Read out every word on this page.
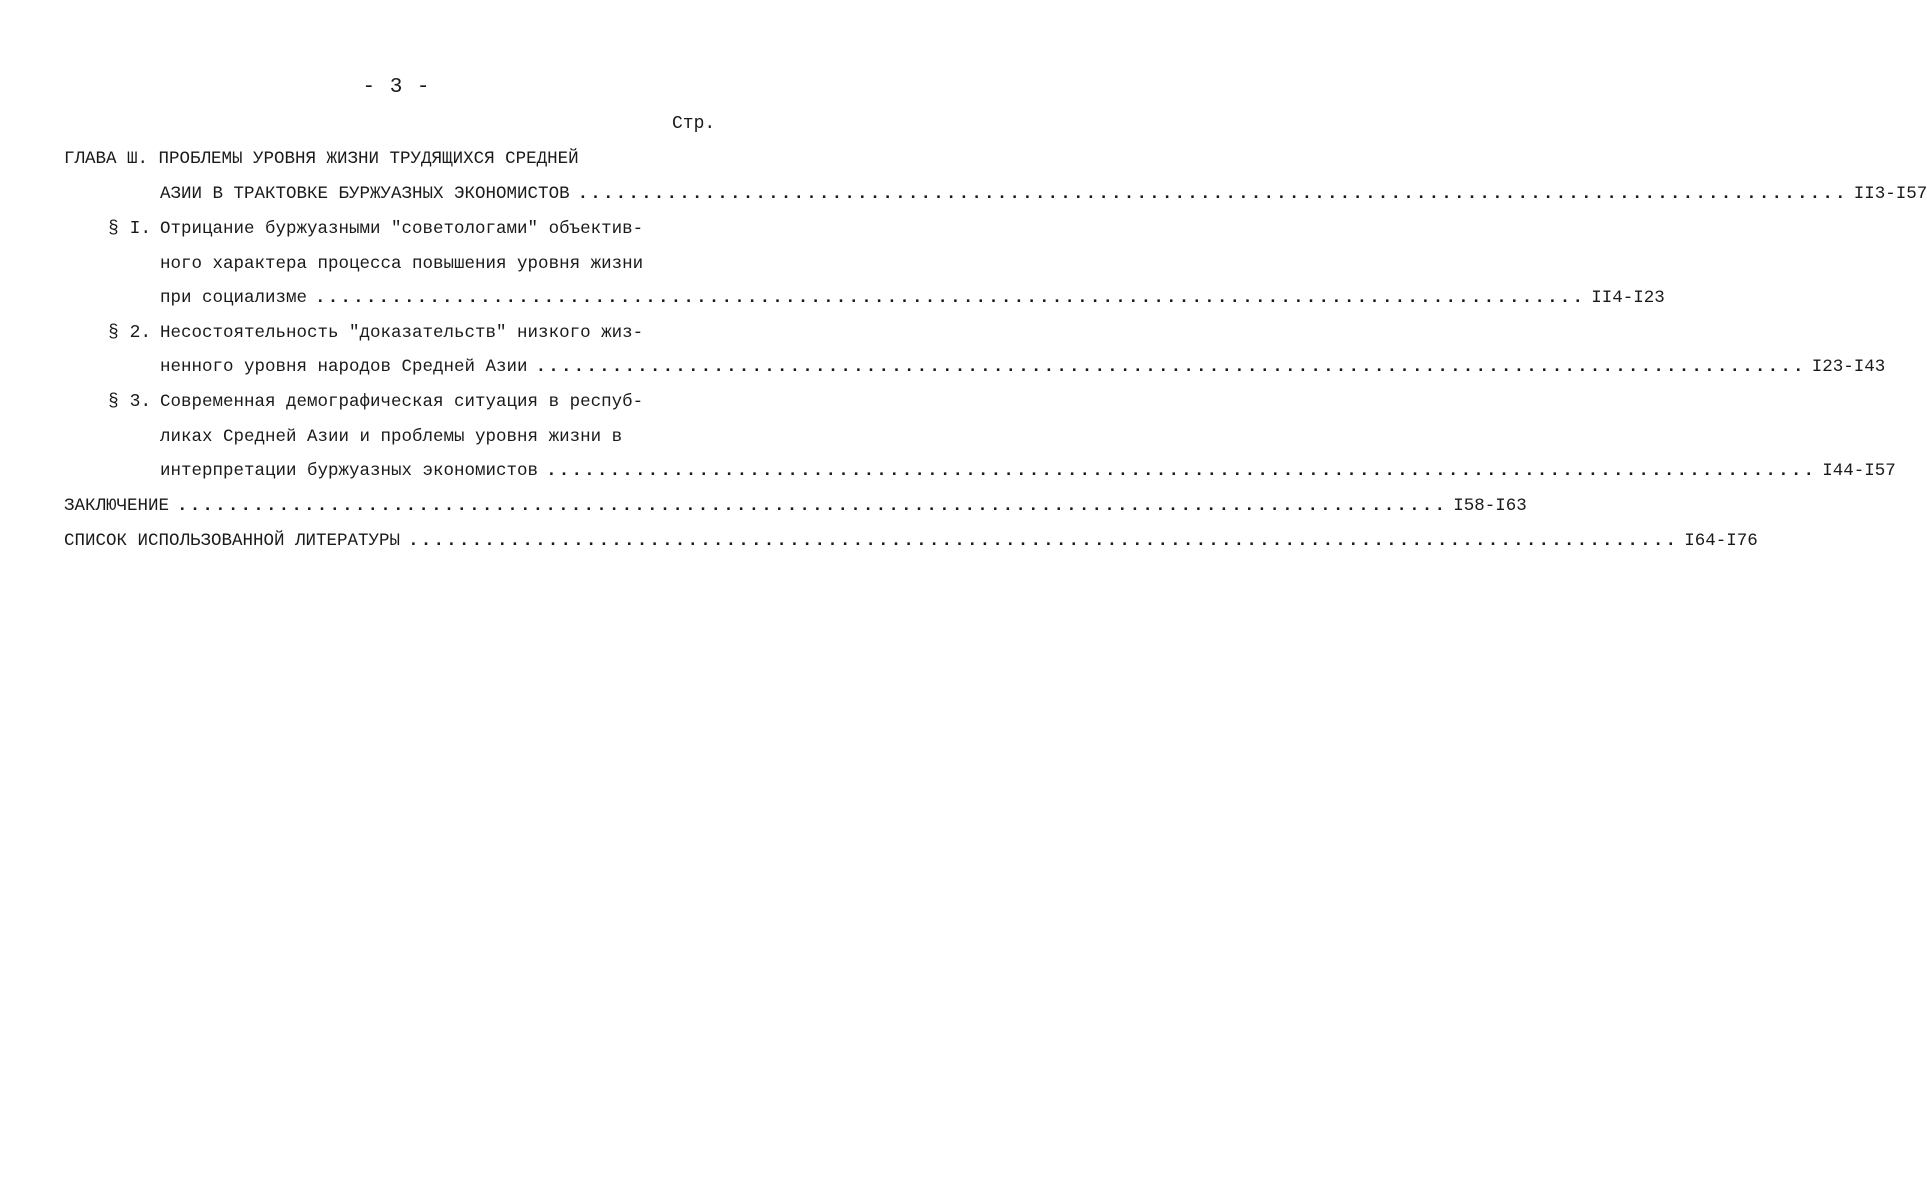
- 3 -
Стр.
ГЛАВА Ш. ПРОБЛЕМЫ УРОВНЯ ЖИЗНИ ТРУДЯЩИХСЯ СРЕДНЕЙ
АЗИИ В ТРАКТОВКЕ БУРЖУАЗНЫХ ЭКОНОМИСТОВ .................................................................................................... II3-I57
§ I. Отрицание буржуазными "советологами" объектив-
ного характера процесса повышения уровня жизни
при социализме .................................................................................................... II4-I23
§ 2. Несостоятельность "доказательств" низкого жиз-
ненного уровня народов Средней Азии .................................................................................................... I23-I43
§ 3. Современная демографическая ситуация в респуб-
ликах Средней Азии и проблемы уровня жизни в
интерпретации буржуазных экономистов .................................................................................................... I44-I57
ЗАКЛЮЧЕНИЕ .................................................................................................... I58-I63
СПИСОК ИСПОЛЬЗОВАННОЙ ЛИТЕРАТУРЫ .................................................................................................... I64-I76
